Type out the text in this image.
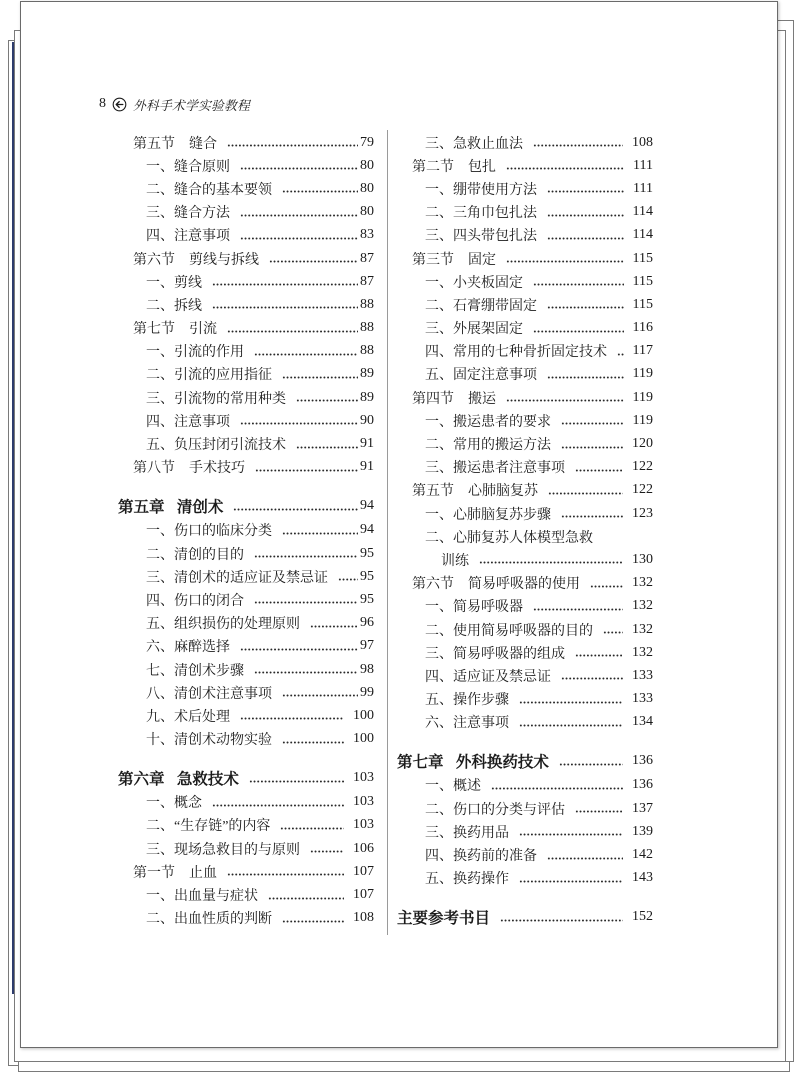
8 外科手术学实验教程
第五节 缝合	79
一、缝合原则	80
二、缝合的基本要领	80
三、缝合方法	80
四、注意事项	83
第六节 剪线与拆线	87
一、剪线	87
二、拆线	88
第七节 引流	88
一、引流的作用	88
二、引流的应用指征	89
三、引流物的常用种类	89
四、注意事项	90
五、负压封闭引流技术	91
第八节 手术技巧	91
第五章 清创术	94
一、伤口的临床分类	94
二、清创的目的	95
三、清创术的适应证及禁忌证 95
四、伤口的闭合	95
五、组织损伤的处理原则	96
六、麻醉选择	97
七、清创术步骤	98
八、清创术注意事项	99
九、术后处理	100
十、清创术动物实验	100
第六章 急救技术	103
一、概念	103
二、“生存链”的内容	103
三、现场急救目的与原则	106
第一节 止血	107
一、出血量与症状	107
二、出血性质的判断	108
三、急救止血法	108
第二节 包扎	111
一、绷带使用方法	111
二、三角巾包扎法	114
三、四头带包扎法	114
第三节 固定	115
一、小夹板固定	115
二、石膏绷带固定	115
三、外展架固定	116
四、常用的七种骨折固定技术	117
五、固定注意事项	119
第四节 搬运	119
一、搬运患者的要求	119
二、常用的搬运方法	120
三、搬运患者注意事项	122
第五节 心肺脑复苏	122
一、心肺脑复苏步骤	123
二、心肺复苏人体模型急救
训练	130
第六节 简易呼吸器的使用	132
一、简易呼吸器	132
二、使用简易呼吸器的目的	132
三、简易呼吸器的组成	132
四、适应证及禁忌证	133
五、操作步骤	133
六、注意事项	134
第七章 外科换药技术	136
一、概述	136
二、伤口的分类与评估	137
三、换药用品	139
四、换药前的准备	142
五、换药操作	143
主要参考书目	152
